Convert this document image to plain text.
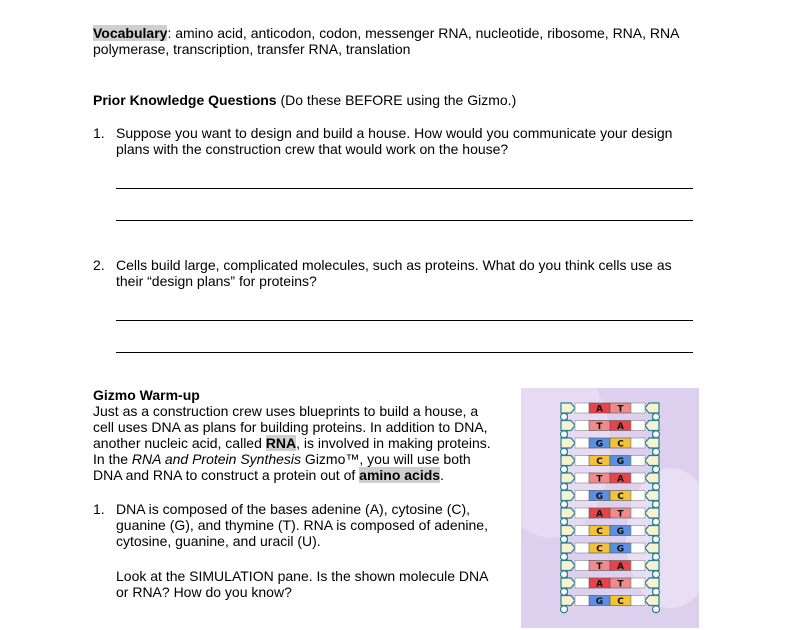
Vocabulary: amino acid, anticodon, codon, messenger RNA, nucleotide, ribosome, RNA, RNA
polymerase, transcription, transfer RNA, translation
Prior Knowledge Questions (Do these BEFORE using the Gizmo.)
1. Suppose you want to design and build a house. How would you communicate your design
plans with the construction crew that would work on the house?
2. Cells build large, complicated molecules, such as proteins. What do you think cells use as
their “design plans” for proteins?
Gizmo Warm-up
Just as a construction crew uses blueprints to build a house, a
cell uses DNA as plans for building proteins. In addition to DNA,
another nucleic acid, called RNA, is involved in making proteins.
In the RNA and Protein Synthesis Gizmo™, you will use both
DNA and RNA to construct a protein out of amino acids.
1. DNA is composed of the bases adenine (A), cytosine (C),
guanine (G), and thymine (T). RNA is composed of adenine,
cytosine, guanine, and uracil (U).
Look at the SIMULATION pane. Is the shown molecule DNA
or RNA? How do you know?
A T
T A
G C
C G
T A
G C
A T
C G
C G
T A
A T
G C
